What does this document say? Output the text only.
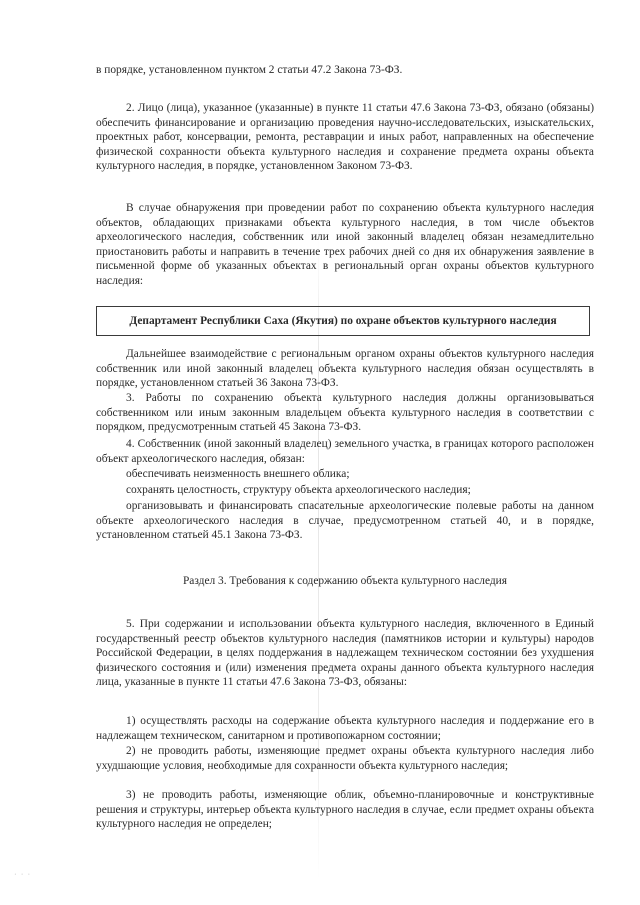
в порядке, установленном пунктом 2 статьи 47.2 Закона 73-ФЗ.

2. Лицо (лица), указанное (указанные) в пункте 11 статьи 47.6 Закона 73-ФЗ, обязано (обязаны) обеспечить финансирование и организацию проведения научно-исследовательских, изыскательских, проектных работ, консервации, ремонта, реставрации и иных работ, направленных на обеспечение физической сохранности объекта культурного наследия и сохранение предмета охраны объекта культурного наследия, в порядке, установленном Законом 73-ФЗ.

В случае обнаружения при проведении работ по сохранению объекта культурного наследия объектов, обладающих признаками объекта культурного наследия, в том числе объектов археологического наследия, собственник или иной законный владелец обязан незамедлительно приостановить работы и направить в течение трех рабочих дней со дня их обнаружения заявление в письменной форме об указанных объектах в региональный орган охраны объектов культурного наследия:

Департамент Республики Саха (Якутия) по охране объектов культурного наследия

Дальнейшее взаимодействие с региональным органом охраны объектов культурного наследия собственник или иной законный владелец объекта культурного наследия обязан осуществлять в порядке, установленном статьей 36 Закона 73-ФЗ.

3. Работы по сохранению объекта культурного наследия должны организовываться собственником или иным законным владельцем объекта культурного наследия в соответствии с порядком, предусмотренным статьей 45 Закона 73-ФЗ.

4. Собственник (иной законный владелец) земельного участка, в границах которого расположен объект археологического наследия, обязан:

обеспечивать неизменность внешнего облика;

сохранять целостность, структуру объекта археологического наследия;

организовывать и финансировать спасательные археологические полевые работы на данном объекте археологического наследия в случае, предусмотренном статьей 40, и в порядке, установленном статьей 45.1 Закона 73-ФЗ.

Раздел 3. Требования к содержанию объекта культурного наследия

5. При содержании и использовании объекта культурного наследия, включенного в Единый государственный реестр объектов культурного наследия (памятников истории и культуры) народов Российской Федерации, в целях поддержания в надлежащем техническом состоянии без ухудшения физического состояния и (или) изменения предмета охраны данного объекта культурного наследия лица, указанные в пункте 11 статьи 47.6 Закона 73-ФЗ, обязаны:

1) осуществлять расходы на содержание объекта культурного наследия и поддержание его в надлежащем техническом, санитарном и противопожарном состоянии;

2) не проводить работы, изменяющие предмет охраны объекта культурного наследия либо ухудшающие условия, необходимые для сохранности объекта культурного наследия;

3) не проводить работы, изменяющие облик, объемно-планировочные и конструктивные решения и структуры, интерьер объекта культурного наследия в случае, если предмет охраны объекта культурного наследия не определен;

⋅ ⋅ ⋅
